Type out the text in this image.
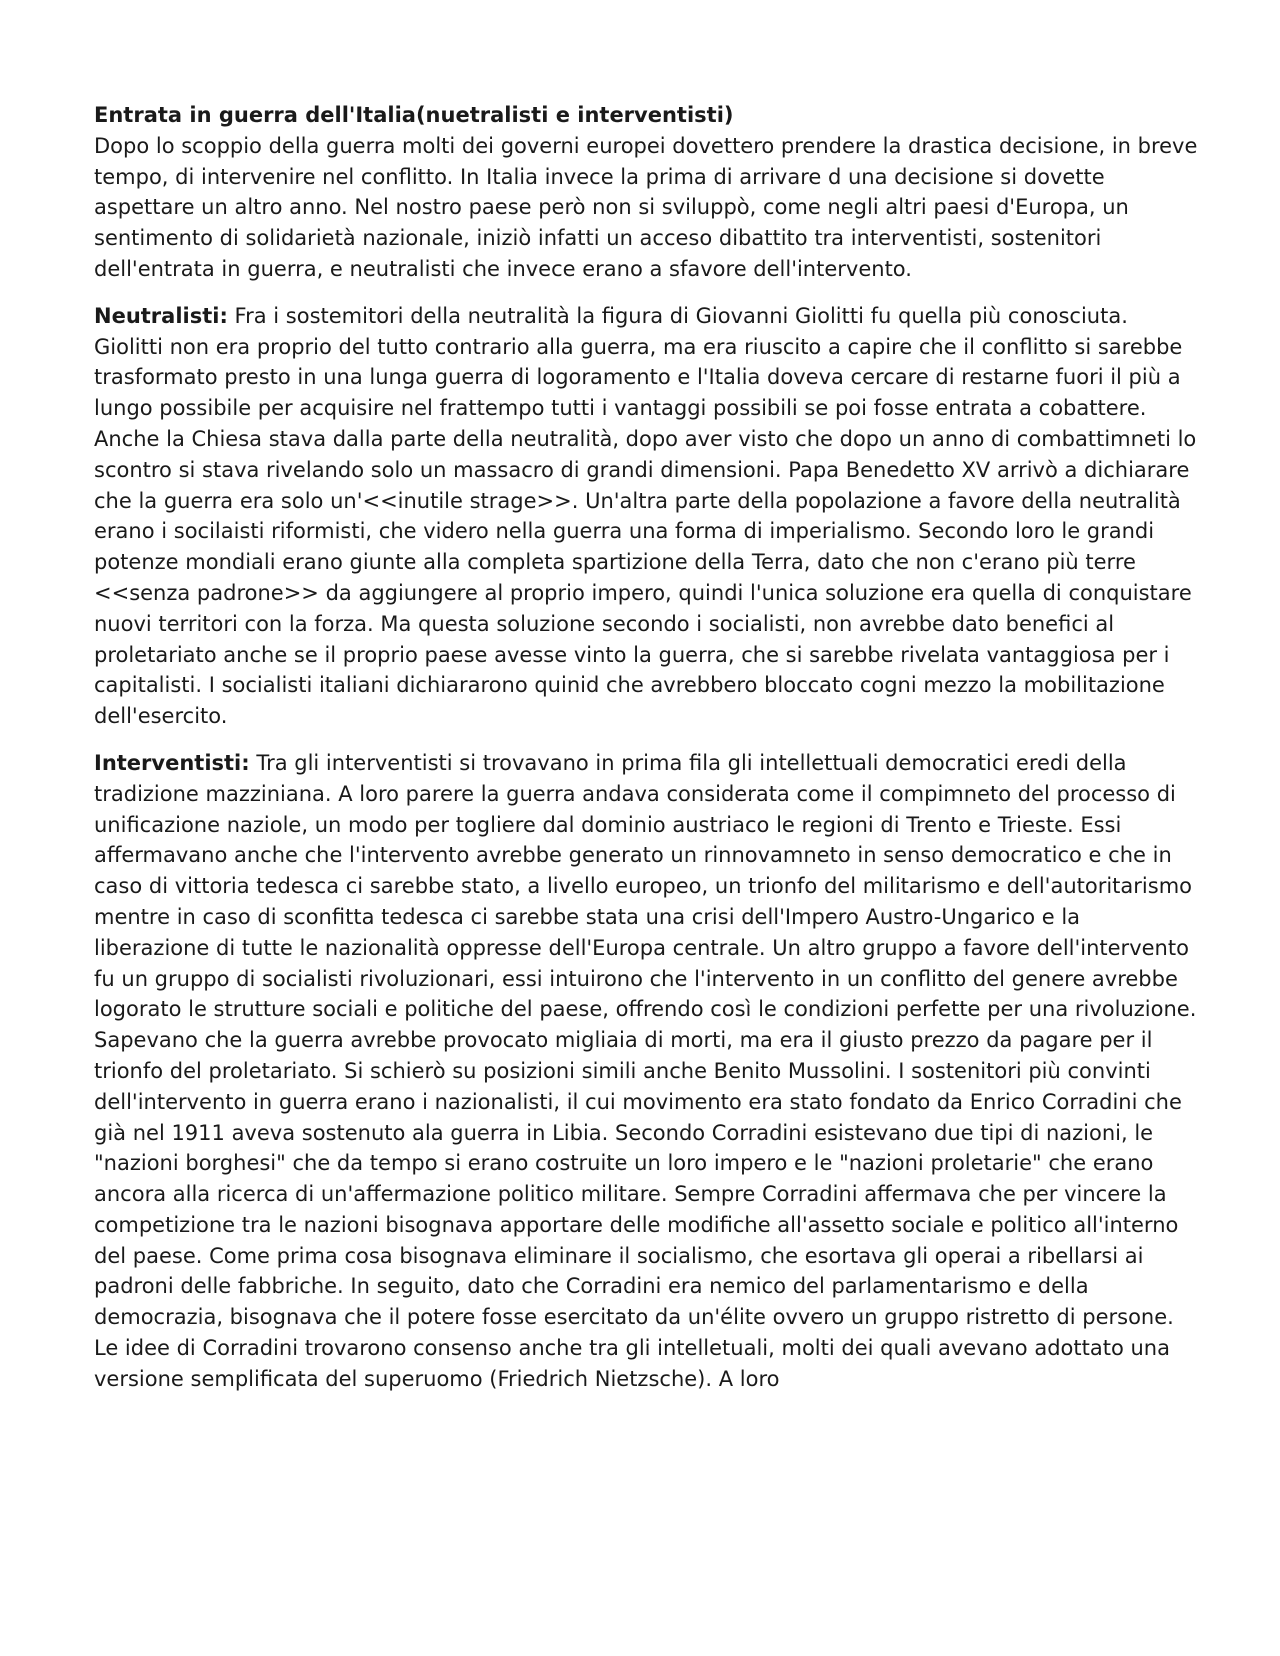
Entrata in guerra dell'Italia(nuetralisti e interventisti)

Dopo lo scoppio della guerra molti dei governi europei dovettero prendere la drastica decisione, in breve tempo, di intervenire nel conflitto. In Italia invece la prima di arrivare d una decisione si dovette aspettare un altro anno. Nel nostro paese però non si sviluppò, come negli altri paesi d'Europa, un sentimento di solidarietà nazionale, iniziò infatti un acceso dibattito tra interventisti, sostenitori dell'entrata in guerra, e neutralisti che invece erano a sfavore dell'intervento.

Neutralisti: Fra i sostemitori della neutralità la figura di Giovanni Giolitti fu quella più conosciuta. Giolitti non era proprio del tutto contrario alla guerra, ma era riuscito a capire che il conflitto si sarebbe trasformato presto in una lunga guerra di logoramento e l'Italia doveva cercare di restarne fuori il più a lungo possibile per acquisire nel frattempo tutti i vantaggi possibili se poi fosse entrata a cobattere. Anche la Chiesa stava dalla parte della neutralità, dopo aver visto che dopo un anno di combattimneti lo scontro si stava rivelando solo un massacro di grandi dimensioni. Papa Benedetto XV arrivò a dichiarare che la guerra era solo un'<<inutile strage>>. Un'altra parte della popolazione a favore della neutralità erano i socilaisti riformisti, che videro nella guerra una forma di imperialismo. Secondo loro le grandi potenze mondiali erano giunte alla completa spartizione della Terra, dato che non c'erano più terre <<senza padrone>> da aggiungere al proprio impero, quindi l'unica soluzione era quella di conquistare nuovi territori con la forza. Ma questa soluzione secondo i socialisti, non avrebbe dato benefici al proletariato anche se il proprio paese avesse vinto la guerra, che si sarebbe rivelata vantaggiosa per i capitalisti. I socialisti italiani dichiararono quinid che avrebbero bloccato cogni mezzo la mobilitazione dell'esercito.

Interventisti: Tra gli interventisti si trovavano in prima fila gli intellettuali democratici eredi della tradizione mazziniana. A loro parere la guerra andava considerata come il compimneto del processo di unificazione naziole, un modo per togliere dal dominio austriaco le regioni di Trento e Trieste. Essi affermavano anche che l'intervento avrebbe generato un rinnovamneto in senso democratico e che in caso di vittoria tedesca ci sarebbe stato, a livello europeo, un trionfo del militarismo e dell'autoritarismo mentre in caso di sconfitta tedesca ci sarebbe stata una crisi dell'Impero Austro-Ungarico e la liberazione di tutte le nazionalità oppresse dell'Europa centrale. Un altro gruppo a favore dell'intervento fu un gruppo di socialisti rivoluzionari, essi intuirono che l'intervento in un conflitto del genere avrebbe logorato le strutture sociali e politiche del paese, offrendo così le condizioni perfette per una rivoluzione. Sapevano che la guerra avrebbe provocato migliaia di morti, ma era il giusto prezzo da pagare per il trionfo del proletariato. Si schierò su posizioni simili anche Benito Mussolini. I sostenitori più convinti dell'intervento in guerra erano i nazionalisti, il cui movimento era stato fondato da Enrico Corradini che già nel 1911 aveva sostenuto ala guerra in Libia. Secondo Corradini esistevano due tipi di nazioni, le "nazioni borghesi" che da tempo si erano costruite un loro impero e le "nazioni proletarie" che erano ancora alla ricerca di un'affermazione politico militare. Sempre Corradini affermava che per vincere la competizione tra le nazioni bisognava apportare delle modifiche all'assetto sociale e politico all'interno del paese. Come prima cosa bisognava eliminare il socialismo, che esortava gli operai a ribellarsi ai padroni delle fabbriche. In seguito, dato che Corradini era nemico del parlamentarismo e della democrazia, bisognava che il potere fosse esercitato da un'élite ovvero un gruppo ristretto di persone. Le idee di Corradini trovarono consenso anche tra gli intelletuali, molti dei quali avevano adottato una versione semplificata del superuomo (Friedrich Nietzsche). A loro
